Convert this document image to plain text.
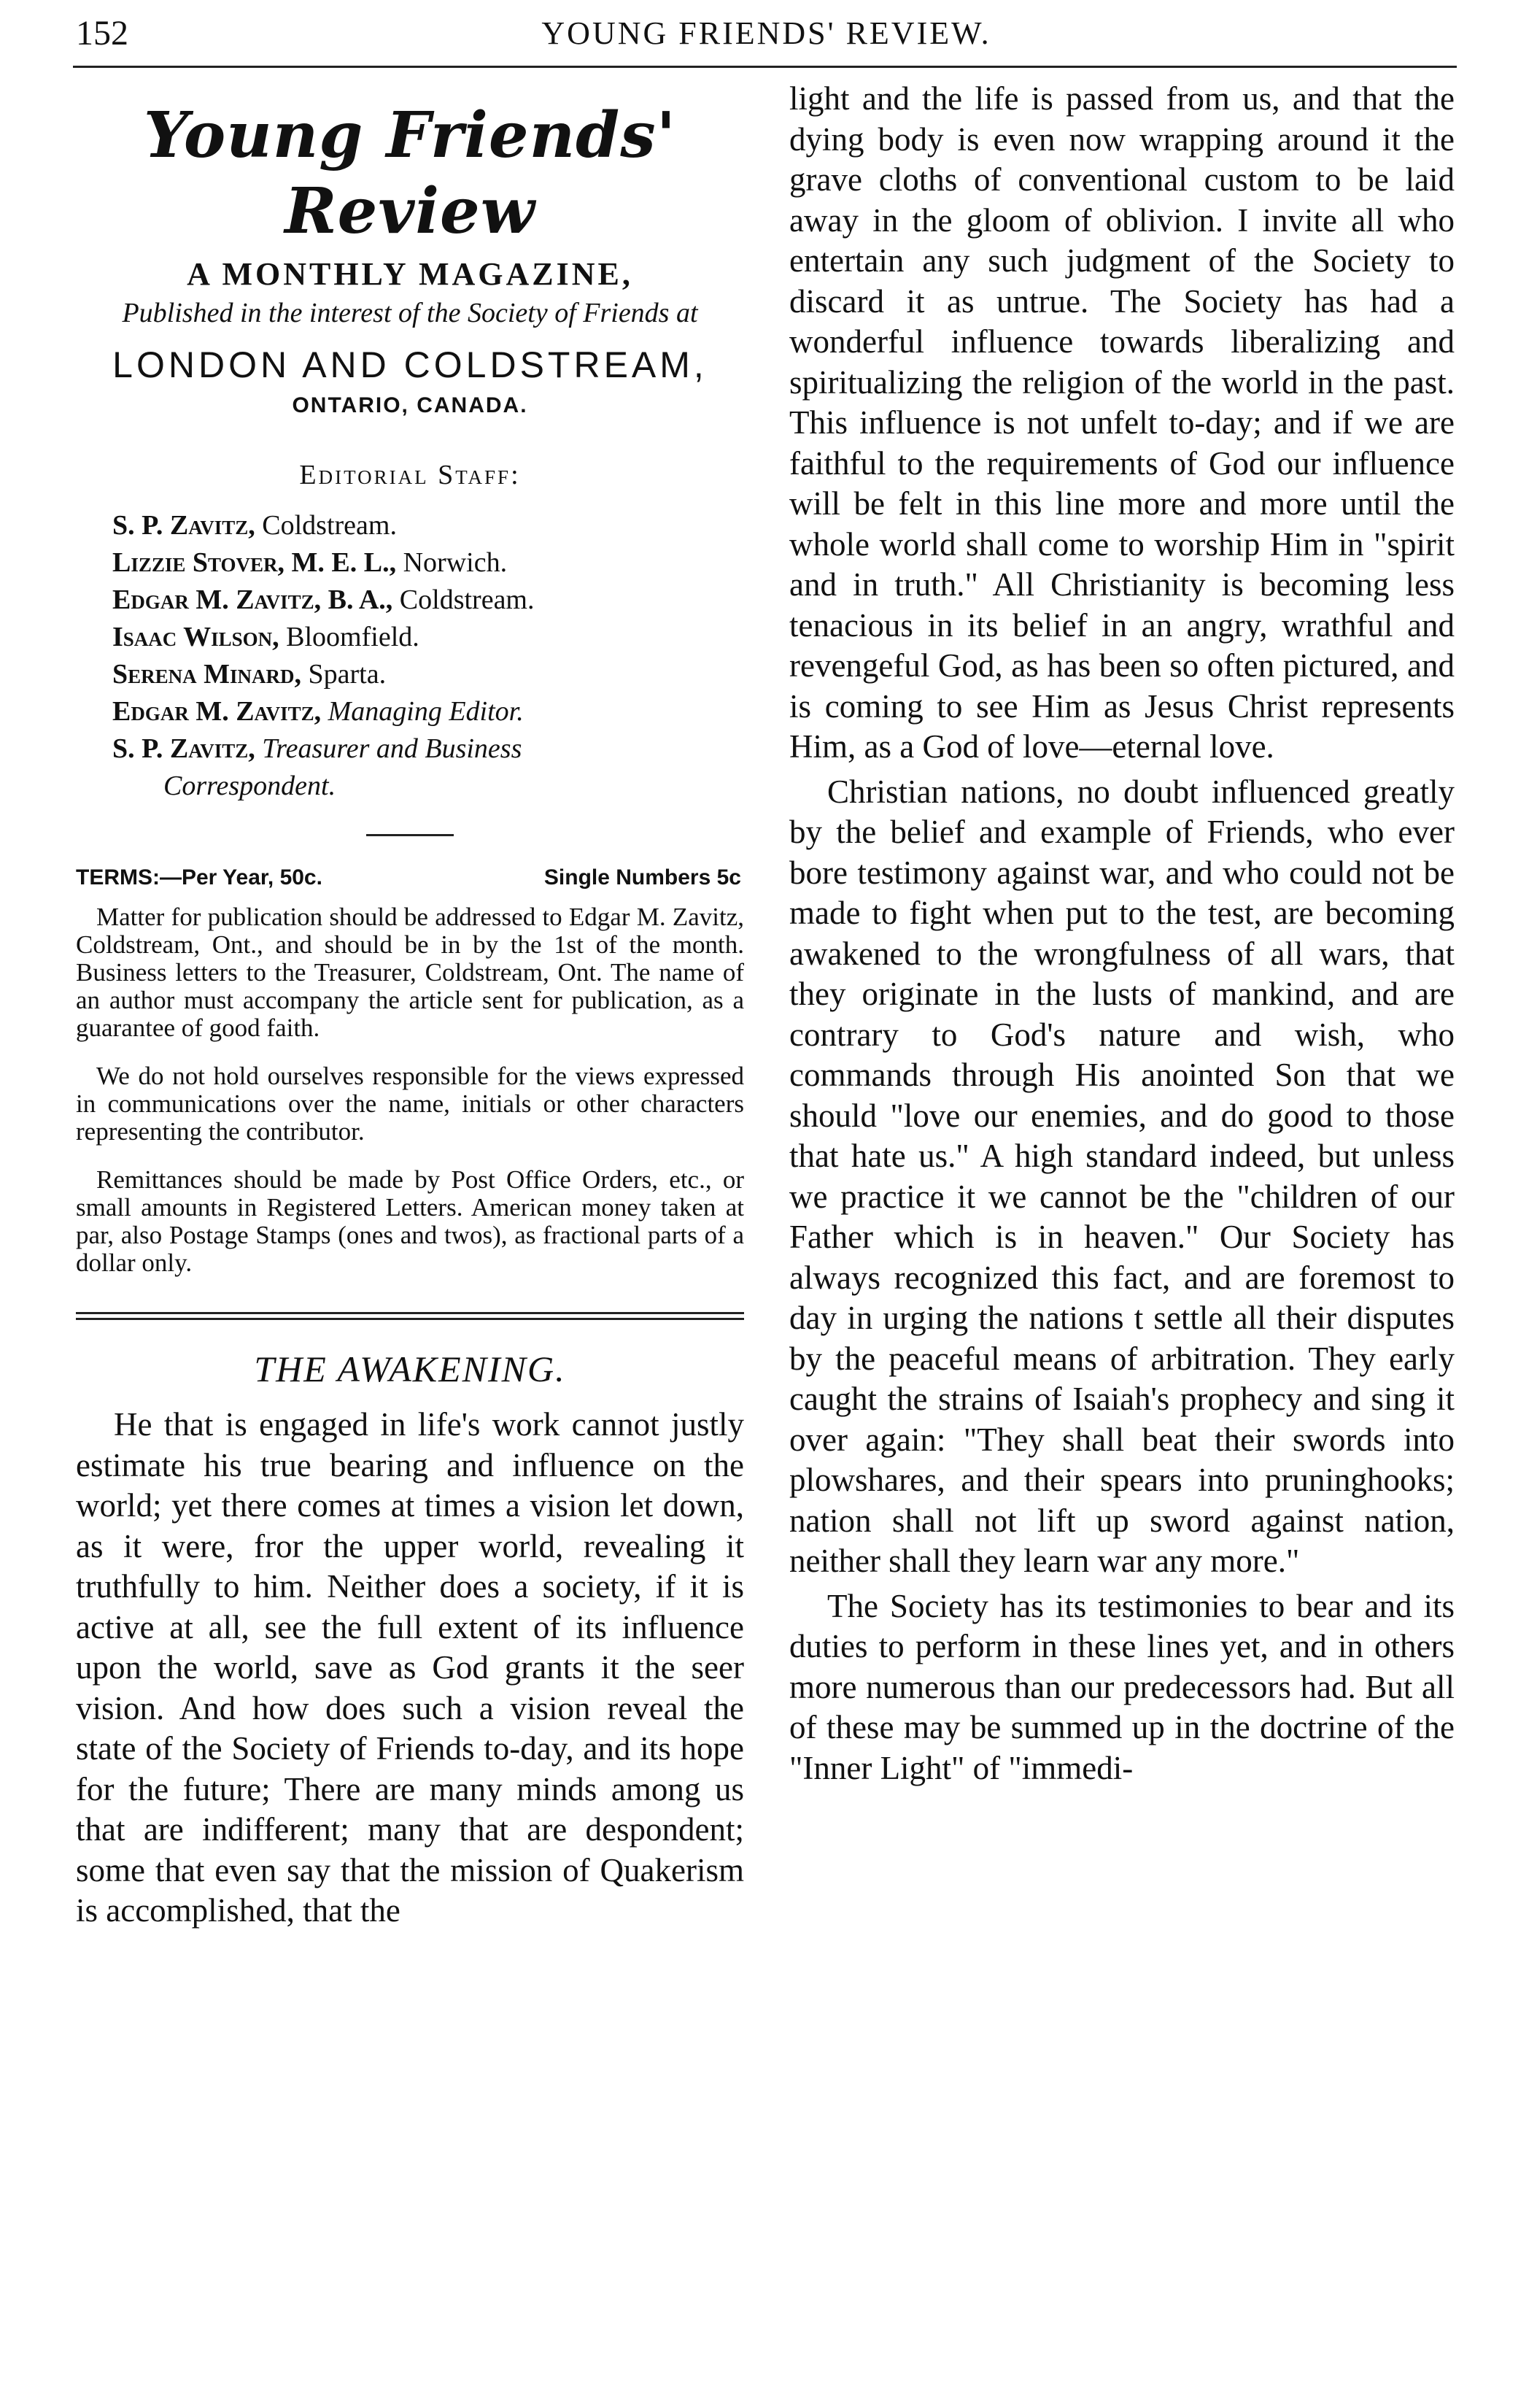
152	YOUNG FRIENDS' REVIEW.
Young Friends' Review
A MONTHLY MAGAZINE,
Published in the interest of the Society of Friends at
LONDON AND COLDSTREAM,
ONTARIO, CANADA.
Editorial Staff:
S. P. Zavitz, Coldstream.
Lizzie Stover, M. E. L., Norwich.
Edgar M. Zavitz, B. A., Coldstream.
Isaac Wilson, Bloomfield.
Serena Minard, Sparta.
Edgar M. Zavitz, Managing Editor.
S. P. Zavitz, Treasurer and Business
Correspondent.
TERMS:—Per Year, 50c.	Single Numbers 5c
Matter for publication should be addressed to Edgar M. Zavitz, Coldstream, Ont., and should be in by the 1st of the month. Business letters to the Treasurer, Coldstream, Ont. The name of an author must accompany the article sent for publication, as a guarantee of good faith.
We do not hold ourselves responsible for the views expressed in communications over the name, initials or other characters representing the contributor.
Remittances should be made by Post Office Orders, etc., or small amounts in Registered Letters. American money taken at par, also Postage Stamps (ones and twos), as fractional parts of a dollar only.
THE AWAKENING.

He that is engaged in life's work cannot justly estimate his true bearing and influence on the world; yet there comes at times a vision let down, as it were, fror the upper world, revealing it truthfully to him. Neither does a society, if it is active at all, see the full extent of its influence upon the world, save as God grants it the seer vision. And how does such a vision reveal the state of the Society of Friends to-day, and its hope for the future; There are many minds among us that are indifferent; many that are despondent; some that even say that the mission of Quakerism is accomplished, that the

light and the life is passed from us, and that the dying body is even now wrapping around it the grave cloths of conventional custom to be laid away in the gloom of oblivion. I invite all who entertain any such judgment of the Society to discard it as untrue. The Society has had a wonderful influence towards liberalizing and spiritualizing the religion of the world in the past. This influence is not unfelt to-day; and if we are faithful to the requirements of God our influence will be felt in this line more and more until the whole world shall come to worship Him in "spirit and in truth." All Christianity is becoming less tenacious in its belief in an angry, wrathful and revengeful God, as has been so often pictured, and is coming to see Him as Jesus Christ represents Him, as a God of love—eternal love.

Christian nations, no doubt influenced greatly by the belief and example of Friends, who ever bore testimony against war, and who could not be made to fight when put to the test, are becoming awakened to the wrongfulness of all wars, that they originate in the lusts of mankind, and are contrary to God's nature and wish, who commands through His anointed Son that we should "love our enemies, and do good to those that hate us." A high standard indeed, but unless we practice it we cannot be the "children of our Father which is in heaven." Our Society has always recognized this fact, and are foremost to day in urging the nations t settle all their disputes by the peaceful means of arbitration. They early caught the strains of Isaiah's prophecy and sing it over again: "They shall beat their swords into plowshares, and their spears into pruninghooks; nation shall not lift up sword against nation, neither shall they learn war any more."

The Society has its testimonies to bear and its duties to perform in these lines yet, and in others more numerous than our predecessors had. But all of these may be summed up in the doctrine of the "Inner Light" of "immedi-
